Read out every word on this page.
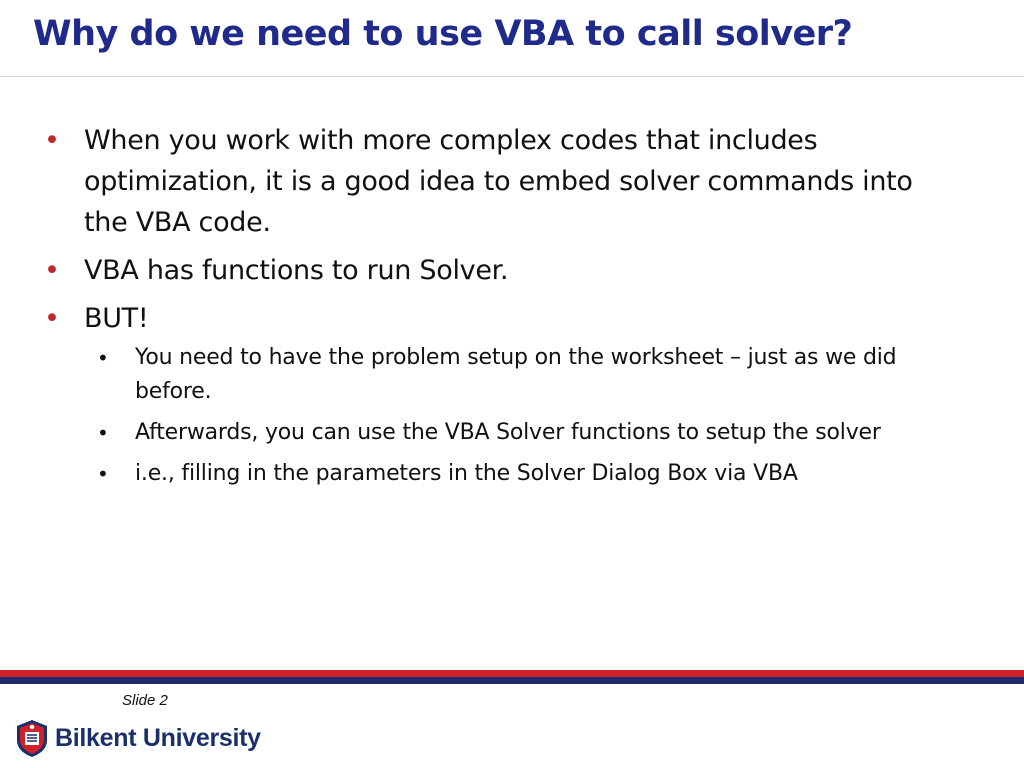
Why do we need to use VBA to call solver?
• When you work with more complex codes that includes optimization, it is a good idea to embed solver commands into the VBA code.
• VBA has functions to run Solver.
• BUT!
• You need to have the problem setup on the worksheet – just as we did before.
• Afterwards, you can use the VBA Solver functions to setup the solver
• i.e., filling in the parameters in the Solver Dialog Box via VBA
Slide 2
Bilkent University
